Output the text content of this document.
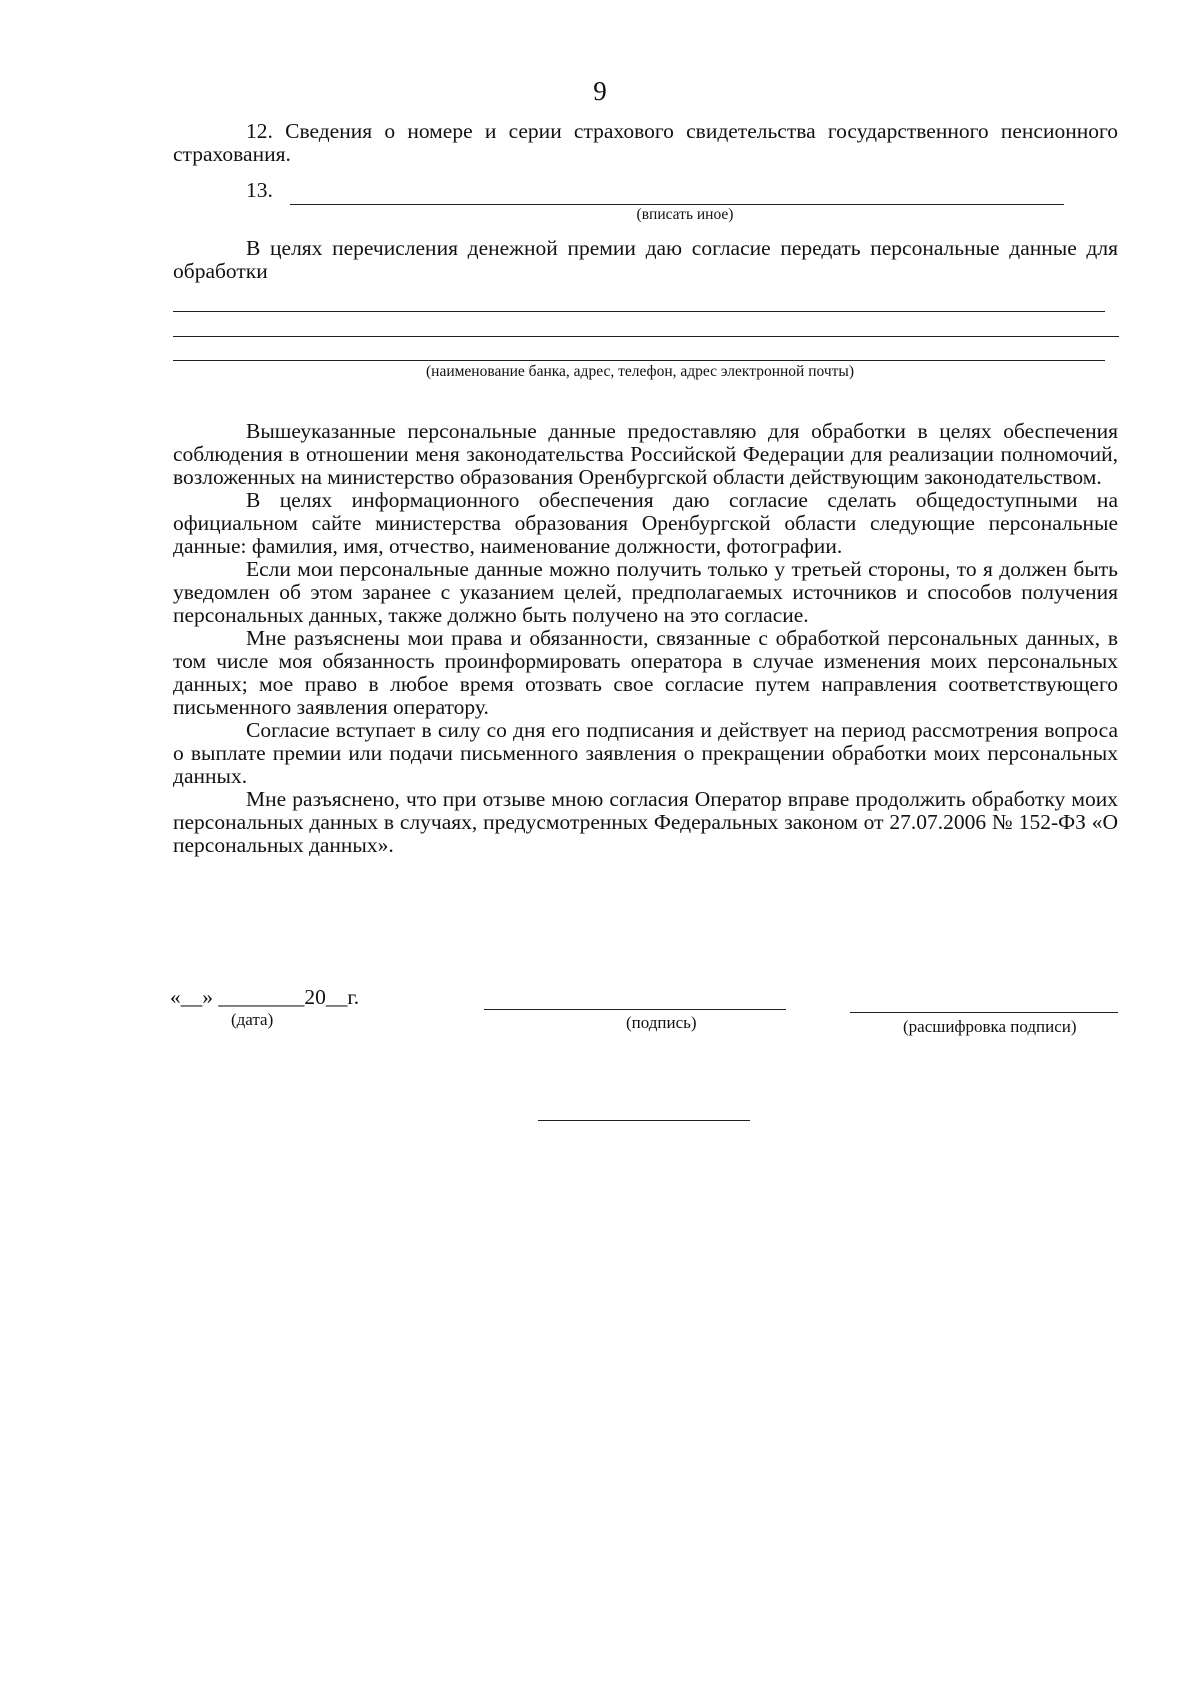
9

12. Сведения о номере и серии страхового свидетельства государственного пенсионного страхования.

13.
(вписать иное)

В целях перечисления денежной премии даю согласие передать персональные данные для обработки

(наименование банка, адрес, телефон, адрес электронной почты)

Вышеуказанные персональные данные предоставляю для обработки в целях обеспечения соблюдения в отношении меня законодательства Российской Федерации для реализации полномочий, возложенных на министерство образования Оренбургской области действующим законодательством.

В целях информационного обеспечения даю согласие сделать общедоступными на официальном сайте министерства образования Оренбургской области следующие персональные данные: фамилия, имя, отчество, наименование должности, фотографии.

Если мои персональные данные можно получить только у третьей стороны, то я должен быть уведомлен об этом заранее с указанием целей, предполагаемых источников и способов получения персональных данных, также должно быть получено на это согласие.

Мне разъяснены мои права и обязанности, связанные с обработкой персональных данных, в том числе моя обязанность проинформировать оператора в случае изменения моих персональных данных; мое право в любое время отозвать свое согласие путем направления соответствующего письменного заявления оператору.

Согласие вступает в силу со дня его подписания и действует на период рассмотрения вопроса о выплате премии или подачи письменного заявления о прекращении обработки моих персональных данных.

Мне разъяснено, что при отзыве мною согласия Оператор вправе продолжить обработку моих персональных данных в случаях, предусмотренных Федеральных законом от 27.07.2006 № 152-ФЗ «О персональных данных».

«__» ________20__г.
(дата)	(подпись)	(расшифровка подписи)
